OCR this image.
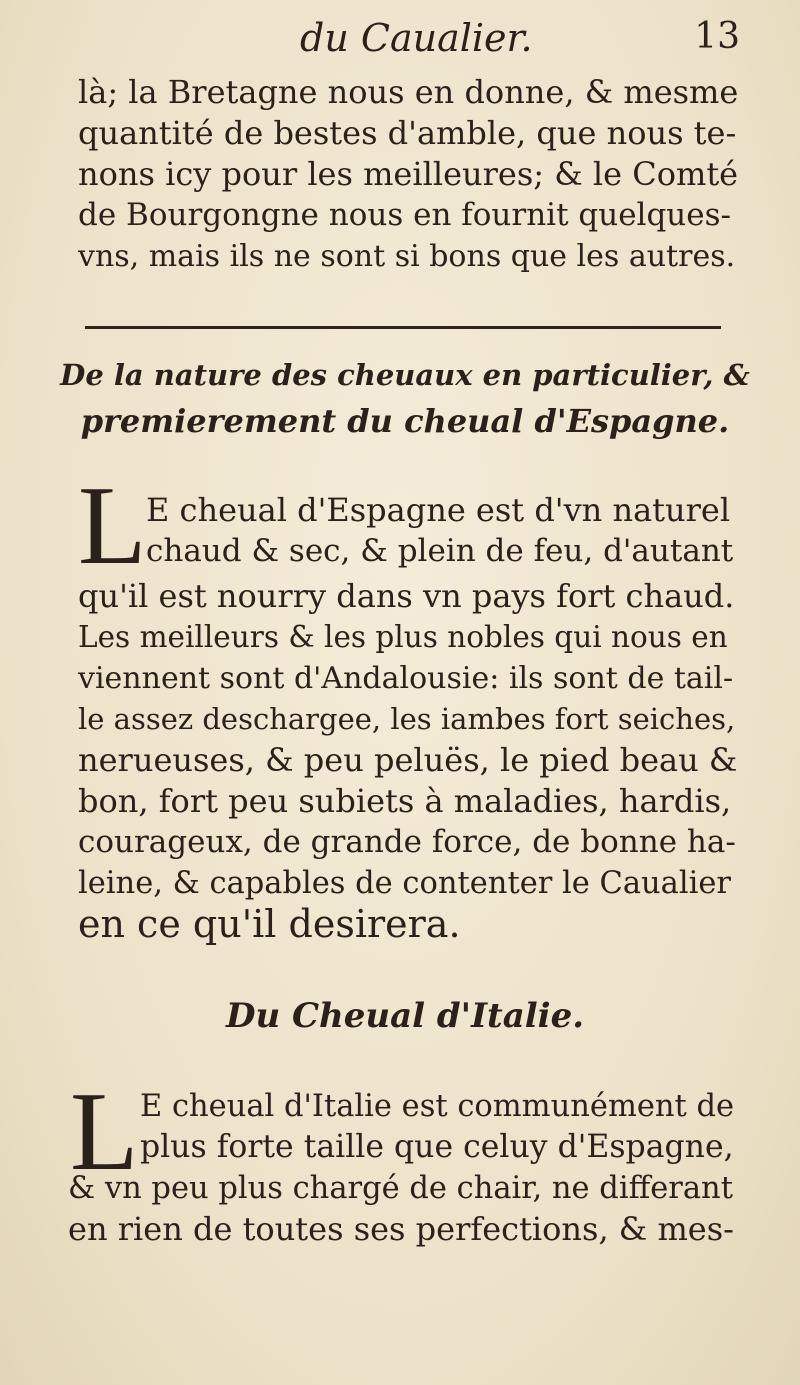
du Caualier.	13
là; la Bretagne nous en donne, & mesme
quantité de bestes d'amble, que nous te-
nons icy pour les meilleures; & le Comté
de Bourgongne nous en fournit quelques-
vns, mais ils ne sont si bons que les autres.
De la nature des cheuaux en particulier, &
premierement du cheual d'Espagne.
L E cheual d'Espagne est d'vn naturel
chaud & sec, & plein de feu, d'autant
qu'il est nourry dans vn pays fort chaud.
Les meilleurs & les plus nobles qui nous en
viennent sont d'Andalousie: ils sont de tail-
le assez deschargee, les iambes fort seiches,
nerueuses, & peu peluës, le pied beau &
bon, fort peu subiets à maladies, hardis,
courageux, de grande force, de bonne ha-
leine, & capables de contenter le Caualier
en ce qu'il desirera.
Du Cheual d'Italie.
L E cheual d'Italie est communément de
plus forte taille que celuy d'Espagne,
& vn peu plus chargé de chair, ne differant
en rien de toutes ses perfections, & mes-
